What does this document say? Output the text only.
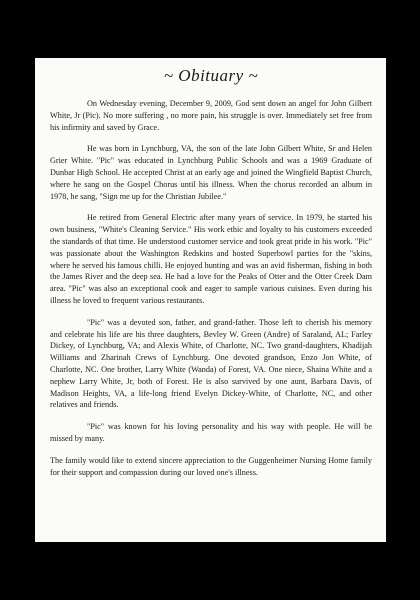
~ Obituary ~

On Wednesday evening, December 9, 2009, God sent down an angel for John Gilbert White, Jr (Pic). No more suffering , no more pain, his struggle is over. Immediately set free from his infirmity and saved by Grace.

He was born in Lynchburg, VA, the son of the late John Gilbert White, Sr and Helen Grier White. "Pic" was educated in Lynchburg Public Schools and was a 1969 Graduate of Dunbar High School. He accepted Christ at an early age and joined the Wingfield Baptist Church, where he sang on the Gospel Chorus until his illness. When the chorus recorded an album in 1978, he sang, "Sign me up for the Christian Jubilee."

He retired from General Electric after many years of service. In 1979, he started his own business, "White's Cleaning Service." His work ethic and loyalty to his customers exceeded the standards of that time. He understood customer service and took great pride in his work. "Pic" was passionate about the Washington Redskins and hosted Superbowl parties for the "skins, where he served his famous chilli. He enjoyed hunting and was an avid fisherman, fishing in both the James River and the deep sea. He had a love for the Peaks of Otter and the Otter Creek Dam area. "Pic" was also an exceptional cook and eager to sample various cuisines. Even during his illness he loved to frequent various restaurants.

"Pic" was a devoted son, father, and grand-father. Those left to cherish his memory and celebrate his life are his three daughters, Bevley W. Green (Andre) of Saraland, AL; Farley Dickey, of Lynchburg, VA; and Alexis White, of Charlotte, NC. Two grand-daughters, Khadijah Williams and Zharinah Crews of Lynchburg. One devoted grandson, Enzo Jon White, of Charlotte, NC. One brother, Larry White (Wanda) of Forest, VA. One niece, Shaina White and a nephew Larry White, Jr, both of Forest. He is also survived by one aunt, Barbara Davis, of Madison Heights, VA, a life-long friend Evelyn Dickey-White, of Charlotte, NC, and other relatives and friends.

"Pic" was known for his loving personality and his way with people. He will be missed by many.

The family would like to extend sincere appreciation to the Guggenheimer Nursing Home family for their support and compassion during our loved one's illness.
